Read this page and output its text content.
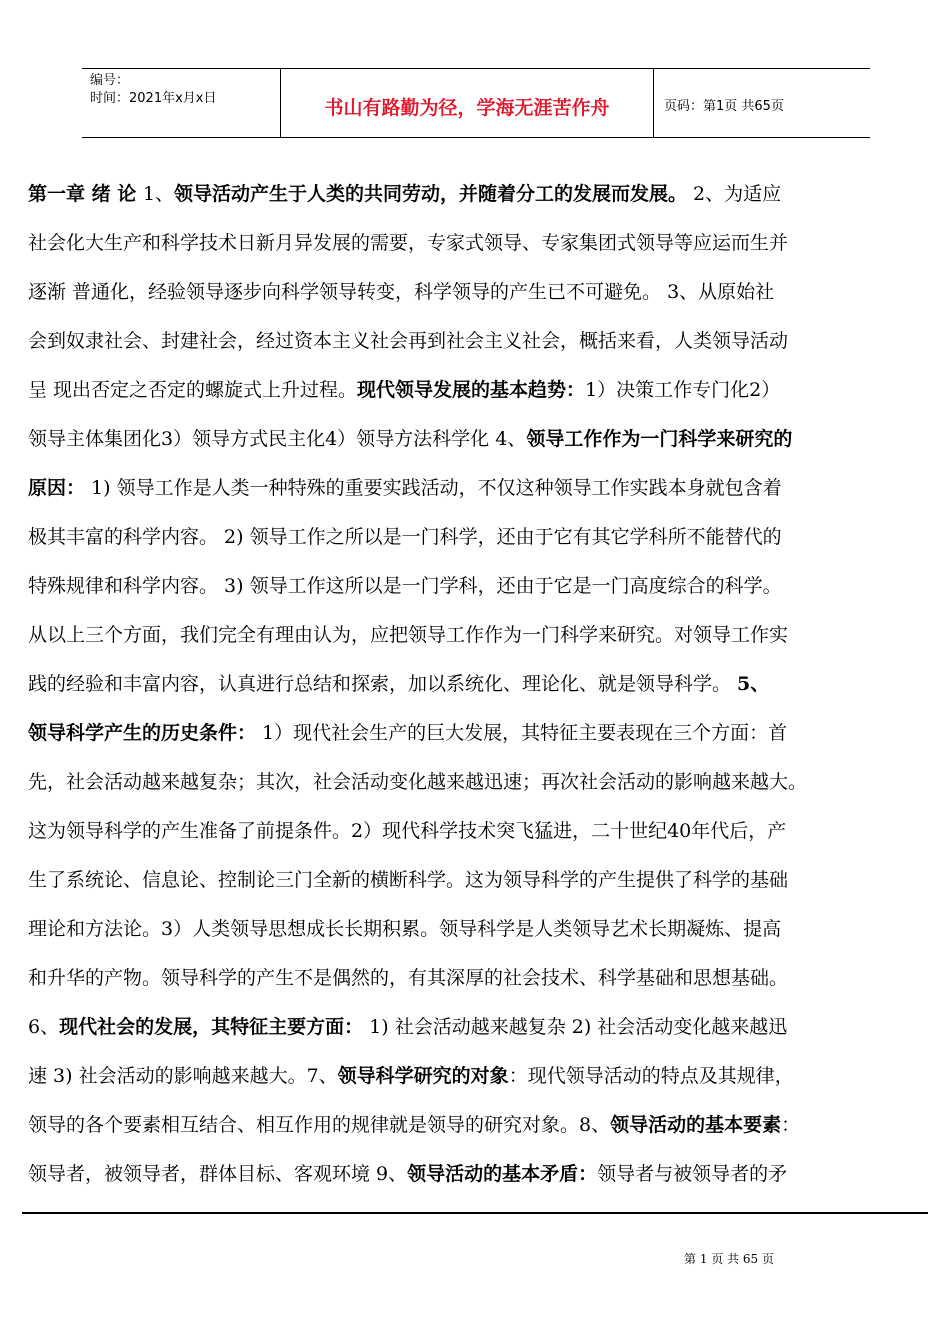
编号：
时间：2021年x月x日	书山有路勤为径，学海无涯苦作舟	页码：第1页 共65页
第一章 绪 论 1、领导活动产生于人类的共同劳动，并随着分工的发展而发展。 2、为适应
社会化大生产和科学技术日新月异发展的需要，专家式领导、专家集团式领导等应运而生并
逐渐 普通化，经验领导逐步向科学领导转变，科学领导的产生已不可避免。 3、从原始社
会到奴隶社会、封建社会，经过资本主义社会再到社会主义社会，概括来看，人类领导活动
呈 现出否定之否定的螺旋式上升过程。现代领导发展的基本趋势：1）决策工作专门化2）
领导主体集团化3）领导方式民主化4）领导方法科学化 4、领导工作作为一门科学来研究的
原因： 1) 领导工作是人类一种特殊的重要实践活动，不仅这种领导工作实践本身就包含着
极其丰富的科学内容。 2) 领导工作之所以是一门科学，还由于它有其它学科所不能替代的
特殊规律和科学内容。 3) 领导工作这所以是一门学科，还由于它是一门高度综合的科学。
从以上三个方面，我们完全有理由认为，应把领导工作作为一门科学来研究。对领导工作实
践的经验和丰富内容，认真进行总结和探索，加以系统化、理论化、就是领导科学。 5、
领导科学产生的历史条件： 1）现代社会生产的巨大发展，其特征主要表现在三个方面：首
先，社会活动越来越复杂；其次，社会活动变化越来越迅速；再次社会活动的影响越来越大。
这为领导科学的产生准备了前提条件。2）现代科学技术突飞猛进，二十世纪40年代后，产
生了系统论、信息论、控制论三门全新的横断科学。这为领导科学的产生提供了科学的基础
理论和方法论。3）人类领导思想成长长期积累。领导科学是人类领导艺术长期凝炼、提高
和升华的产物。领导科学的产生不是偶然的，有其深厚的社会技术、科学基础和思想基础。
6、现代社会的发展，其特征主要方面： 1) 社会活动越来越复杂 2) 社会活动变化越来越迅
速 3) 社会活动的影响越来越大。7、领导科学研究的对象：现代领导活动的特点及其规律，
领导的各个要素相互结合、相互作用的规律就是领导的研究对象。8、领导活动的基本要素：
领导者，被领导者，群体目标、客观环境 9、领导活动的基本矛盾：领导者与被领导者的矛
第 1 页 共 65 页
